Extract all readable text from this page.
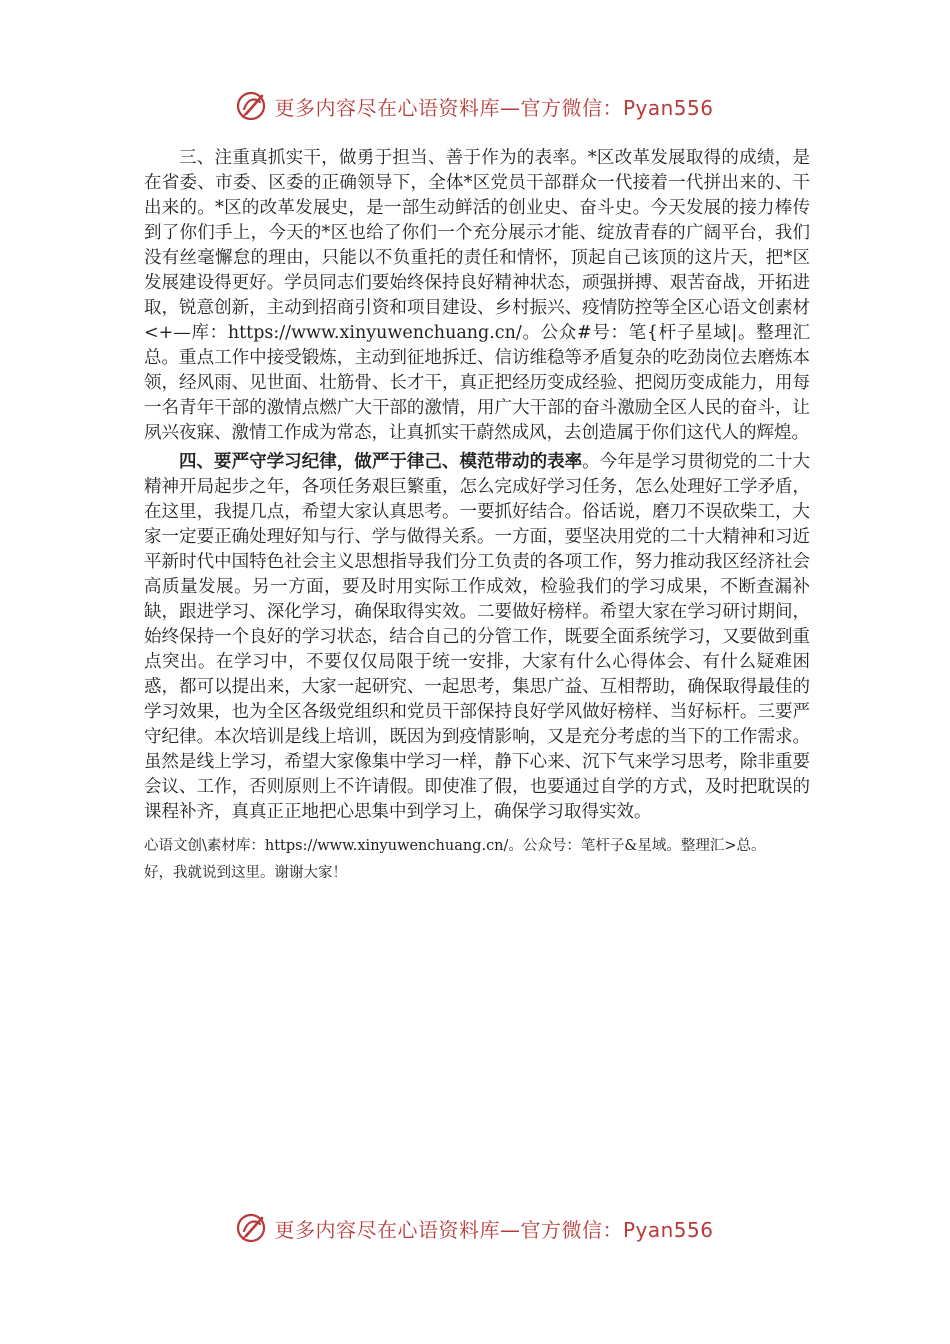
更多内容尽在心语资料库—官方微信：Pyan556

三、注重真抓实干，做勇于担当、善于作为的表率。*区改革发展取得的成绩，是在省委、市委、区委的正确领导下，全体*区党员干部群众一代接着一代拼出来的、干出来的。*区的改革发展史，是一部生动鲜活的创业史、奋斗史。今天发展的接力棒传到了你们手上，今天的*区也给了你们一个充分展示才能、绽放青春的广阔平台，我们没有丝毫懈怠的理由，只能以不负重托的责任和情怀，顶起自己该顶的这片天，把*区发展建设得更好。学员同志们要始终保持良好精神状态，顽强拼搏、艰苦奋战，开拓进取，锐意创新，主动到招商引资和项目建设、乡村振兴、疫情防控等全区心语文创素材<+—库：https://www.xinyuwenchuang.cn/。公众#号：笔{杆子星域|。整理汇总。重点工作中接受锻炼，主动到征地拆迁、信访维稳等矛盾复杂的吃劲岗位去磨炼本领，经风雨、见世面、壮筋骨、长才干，真正把经历变成经验、把阅历变成能力，用每一名青年干部的激情点燃广大干部的激情，用广大干部的奋斗激励全区人民的奋斗，让夙兴夜寐、激情工作成为常态，让真抓实干蔚然成风，去创造属于你们这代人的辉煌。

四、要严守学习纪律，做严于律己、模范带动的表率。今年是学习贯彻党的二十大精神开局起步之年，各项任务艰巨繁重，怎么完成好学习任务，怎么处理好工学矛盾，在这里，我提几点，希望大家认真思考。一要抓好结合。俗话说，磨刀不误砍柴工，大家一定要正确处理好知与行、学与做得关系。一方面，要坚决用党的二十大精神和习近平新时代中国特色社会主义思想指导我们分工负责的各项工作，努力推动我区经济社会高质量发展。另一方面，要及时用实际工作成效，检验我们的学习成果，不断查漏补缺，跟进学习、深化学习，确保取得实效。二要做好榜样。希望大家在学习研讨期间，始终保持一个良好的学习状态，结合自己的分管工作，既要全面系统学习，又要做到重点突出。在学习中，不要仅仅局限于统一安排，大家有什么心得体会、有什么疑难困惑，都可以提出来，大家一起研究、一起思考，集思广益、互相帮助，确保取得最佳的学习效果，也为全区各级党组织和党员干部保持良好学风做好榜样、当好标杆。三要严守纪律。本次培训是线上培训，既因为到疫情影响，又是充分考虑的当下的工作需求。虽然是线上学习，希望大家像集中学习一样，静下心来、沉下气来学习思考，除非重要会议、工作，否则原则上不许请假。即使准了假，也要通过自学的方式，及时把耽误的课程补齐，真真正正地把心思集中到学习上，确保学习取得实效。

心语文创\素材库：https://www.xinyuwenchuang.cn/。公众号：笔杆子&星域。整理汇>总。
好，我就说到这里。谢谢大家！

更多内容尽在心语资料库—官方微信：Pyan556
